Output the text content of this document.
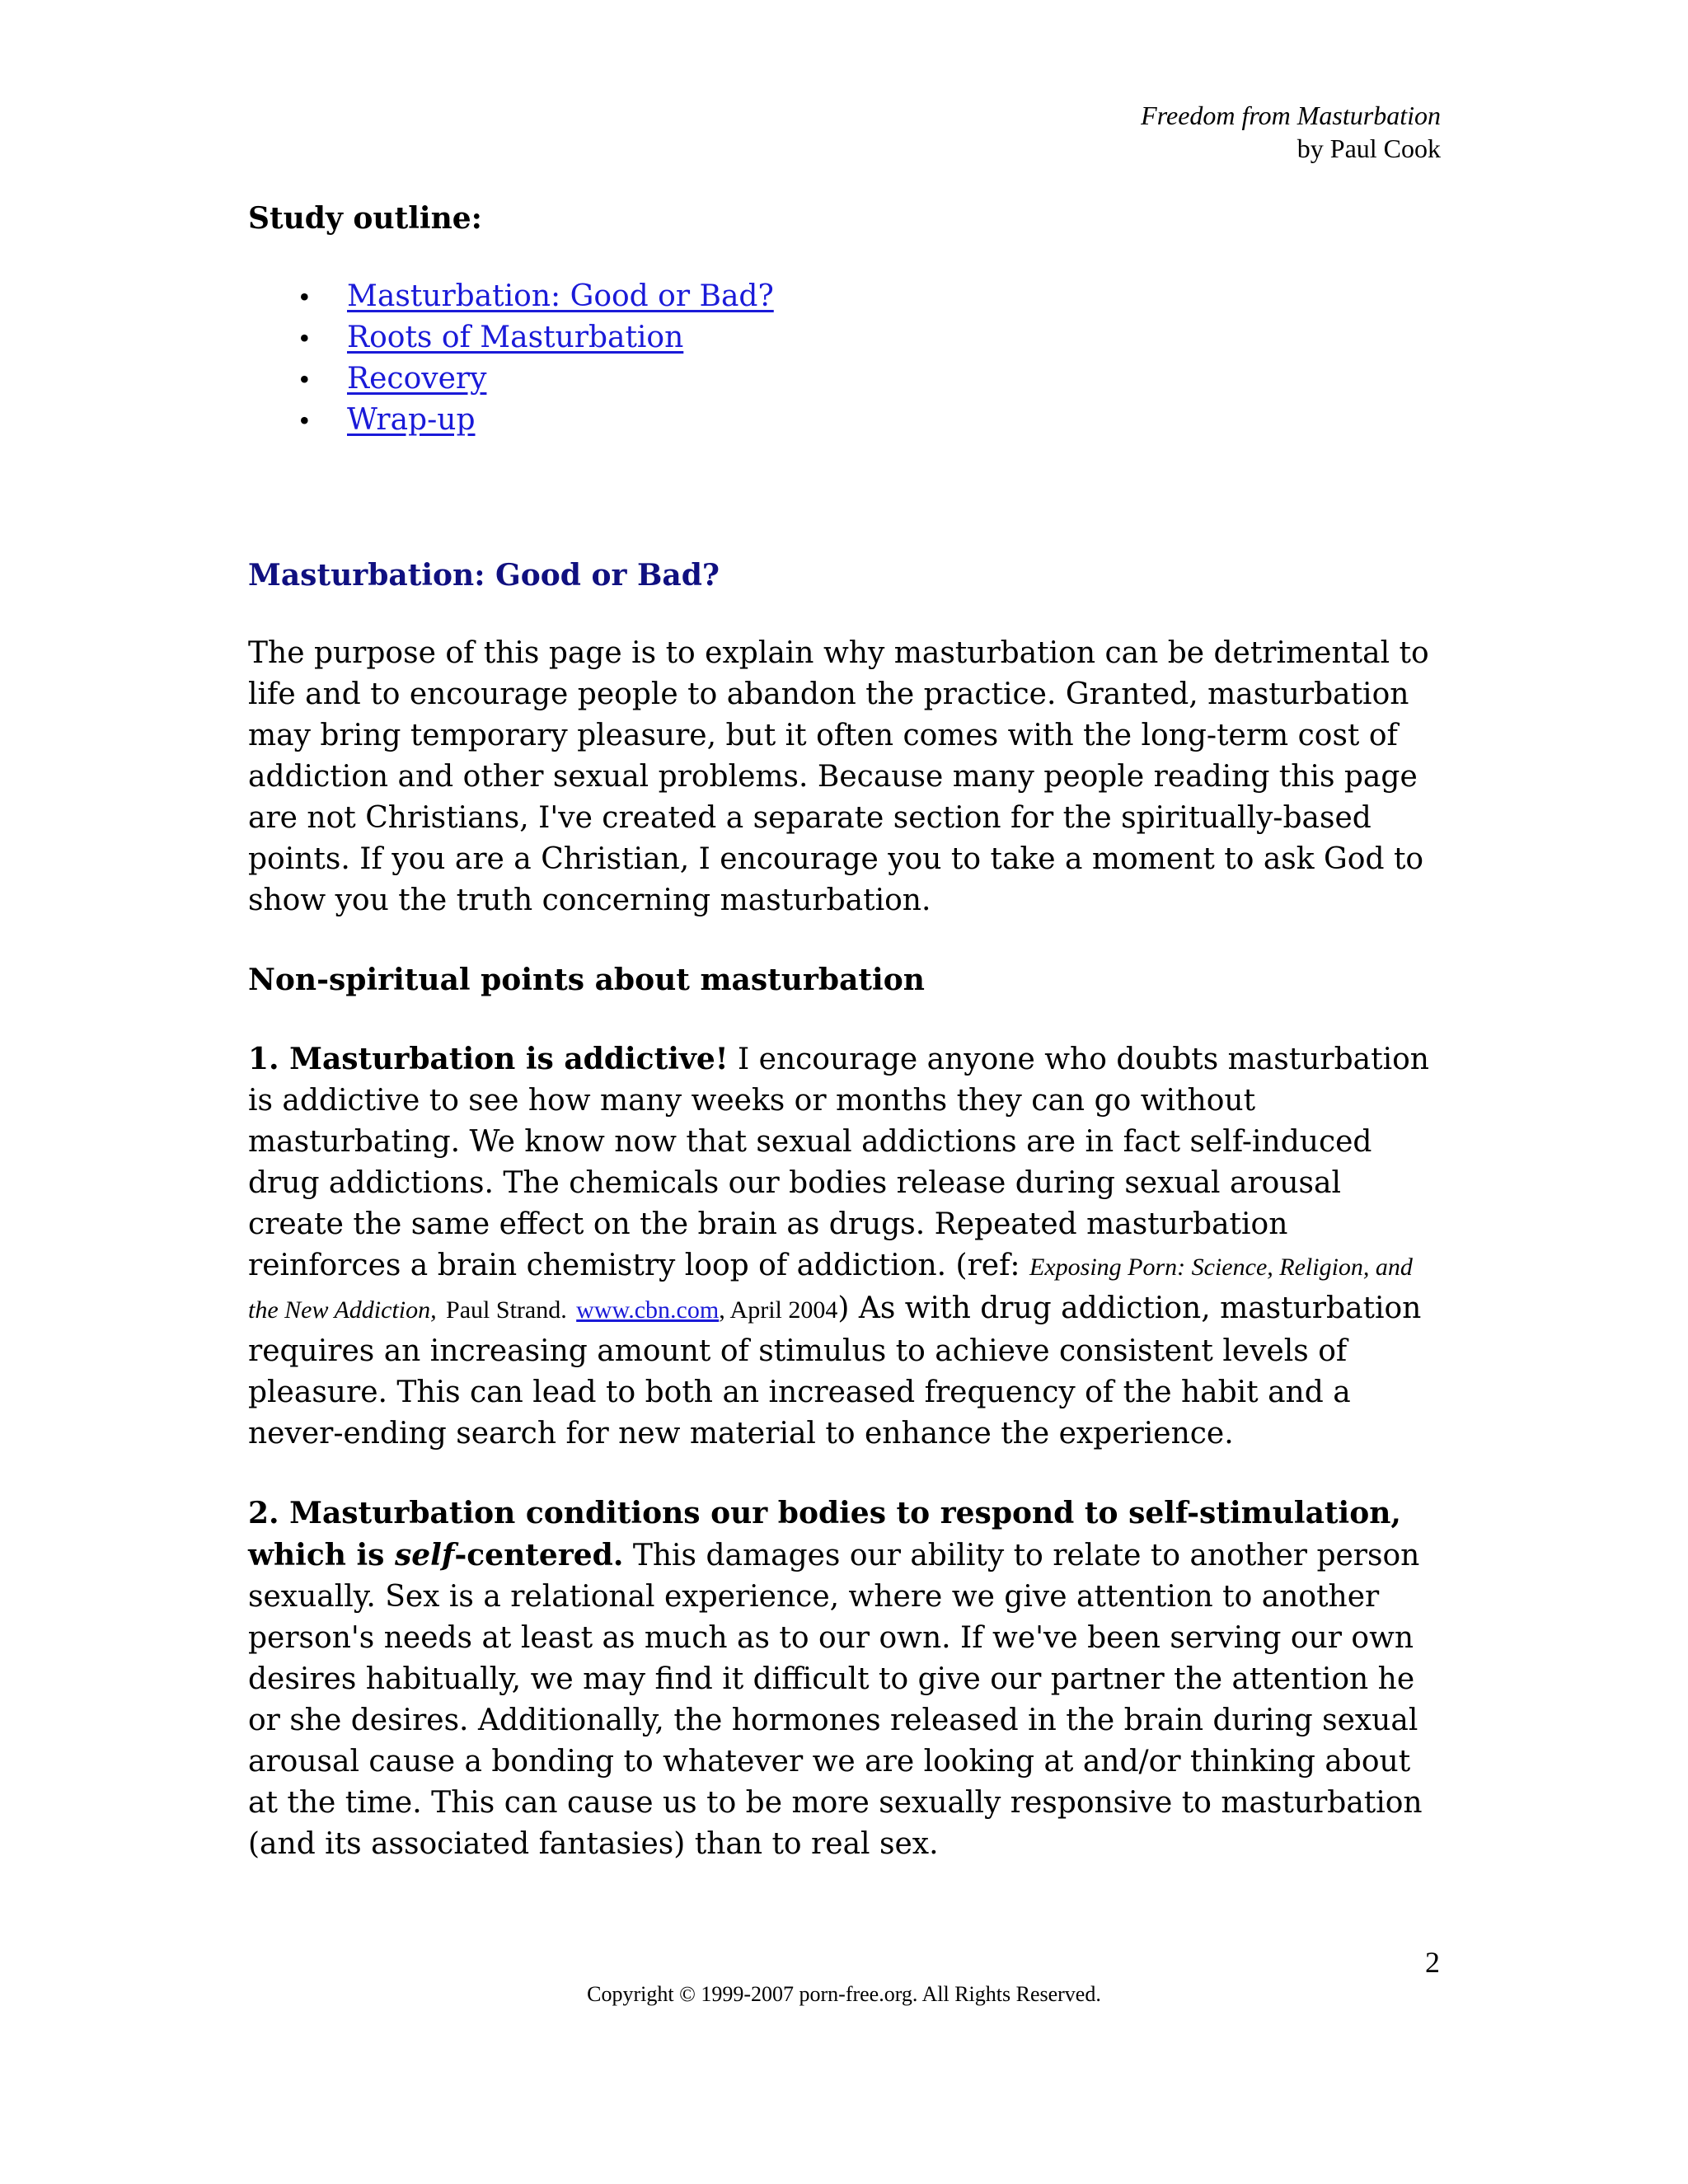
Freedom from Masturbation
by Paul Cook
Study outline:
• Masturbation: Good or Bad?
• Roots of Masturbation
• Recovery
• Wrap-up
Masturbation: Good or Bad?

The purpose of this page is to explain why masturbation can be detrimental to life and to encourage people to abandon the practice. Granted, masturbation may bring temporary pleasure, but it often comes with the long-term cost of addiction and other sexual problems. Because many people reading this page are not Christians, I've created a separate section for the spiritually-based points. If you are a Christian, I encourage you to take a moment to ask God to show you the truth concerning masturbation.

Non-spiritual points about masturbation

1. Masturbation is addictive! I encourage anyone who doubts masturbation is addictive to see how many weeks or months they can go without masturbating. We know now that sexual addictions are in fact self-induced drug addictions. The chemicals our bodies release during sexual arousal create the same effect on the brain as drugs. Repeated masturbation reinforces a brain chemistry loop of addiction. (ref: Exposing Porn: Science, Religion, and the New Addiction, Paul Strand. www.cbn.com, April 2004) As with drug addiction, masturbation requires an increasing amount of stimulus to achieve consistent levels of pleasure. This can lead to both an increased frequency of the habit and a never-ending search for new material to enhance the experience.

2. Masturbation conditions our bodies to respond to self-stimulation, which is self-centered. This damages our ability to relate to another person sexually. Sex is a relational experience, where we give attention to another person's needs at least as much as to our own. If we've been serving our own desires habitually, we may find it difficult to give our partner the attention he or she desires. Additionally, the hormones released in the brain during sexual arousal cause a bonding to whatever we are looking at and/or thinking about at the time. This can cause us to be more sexually responsive to masturbation (and its associated fantasies) than to real sex.

2
Copyright © 1999-2007 porn-free.org. All Rights Reserved.
